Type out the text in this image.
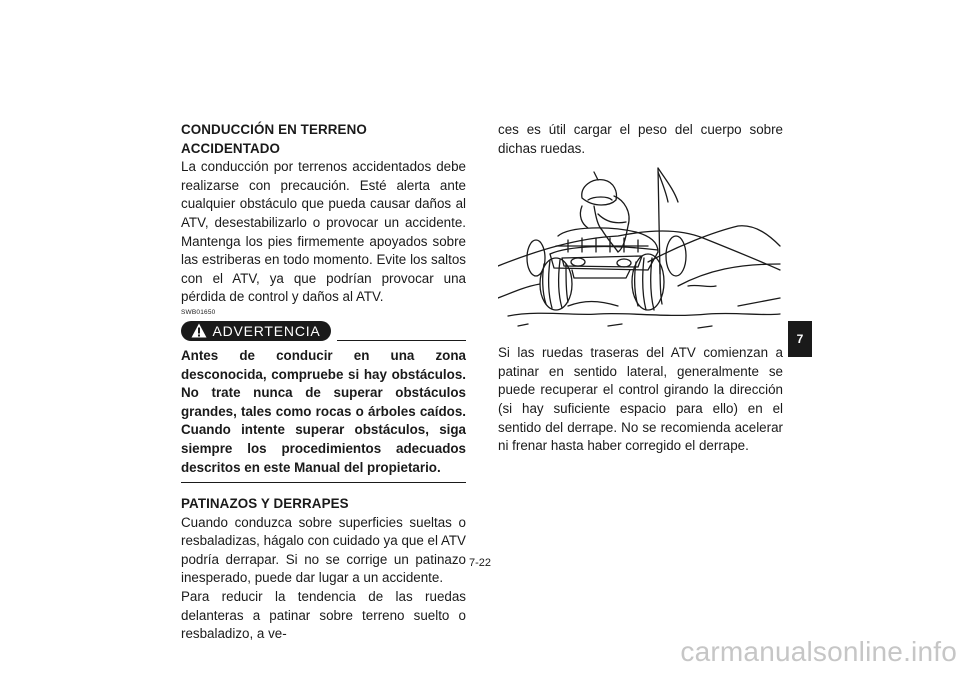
CONDUCCIÓN EN TERRENO ACCIDENTADO

La conducción por terrenos accidentados debe realizarse con precaución. Esté alerta ante cualquier obstáculo que pueda causar daños al ATV, desestabilizarlo o provocar un accidente. Mantenga los pies firmemente apoyados sobre las estriberas en todo momento. Evite los saltos con el ATV, ya que podrían provocar una pérdida de control y daños al ATV.

SWB01650
ADVERTENCIA

Antes de conducir en una zona desconocida, compruebe si hay obstáculos. No trate nunca de superar obstáculos grandes, tales como rocas o árboles caídos. Cuando intente superar obstáculos, siga siempre los procedimientos adecuados descritos en este Manual del propietario.

PATINAZOS Y DERRAPES

Cuando conduzca sobre superficies sueltas o resbaladizas, hágalo con cuidado ya que el ATV podría derrapar. Si no se corrige un patinazo inesperado, puede dar lugar a un accidente.

Para reducir la tendencia de las ruedas delanteras a patinar sobre terreno suelto o resbaladizo, a ve-

ces es útil cargar el peso del cuerpo sobre dichas ruedas.

Si las ruedas traseras del ATV comienzan a patinar en sentido lateral, generalmente se puede recuperar el control girando la dirección (si hay suficiente espacio para ello) en el sentido del derrape. No se recomienda acelerar ni frenar hasta haber corregido el derrape.

7-22
7
carmanualsonline.info
